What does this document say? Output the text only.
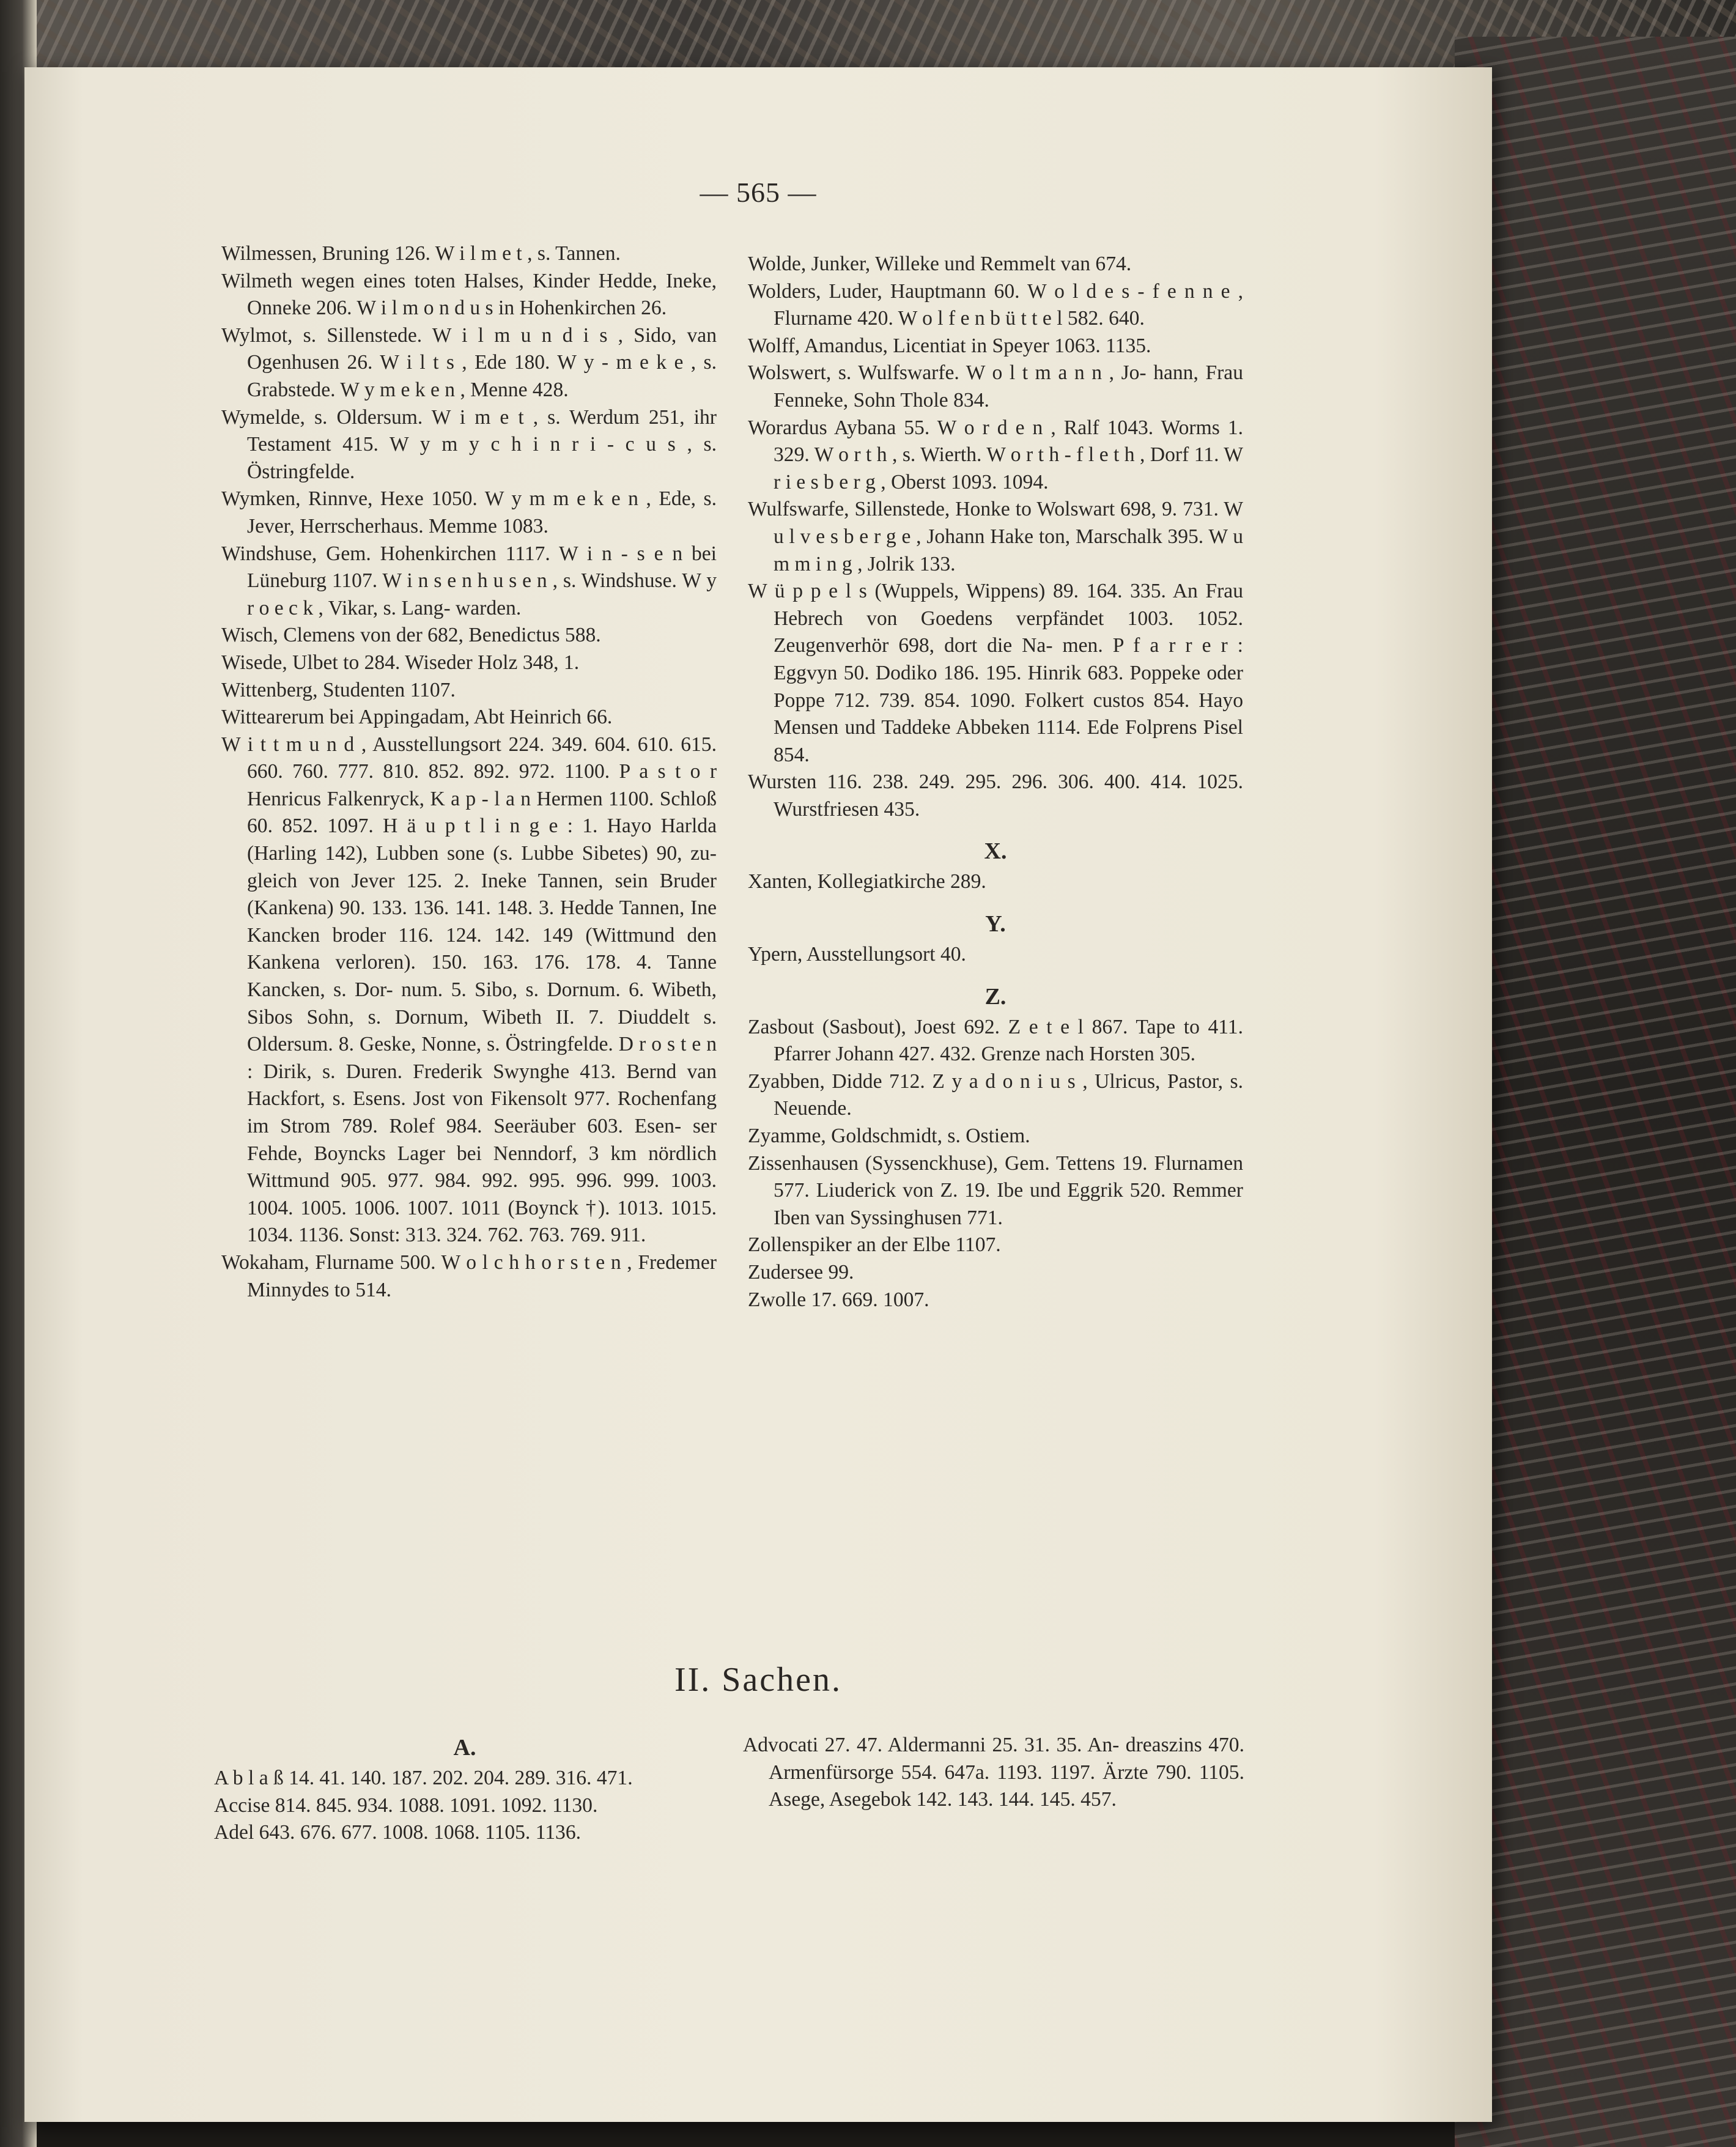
— 565 —

Wilmessen, Bruning 126. W i l m e t , s. Tannen.

Wilmeth wegen eines toten Halses, Kinder Hedde, Ineke, Onneke 206. W i l m o n d u s in Hohenkirchen 26.

Wylmot, s. Sillenstede. W i l m u n d i s , Sido, van Ogenhusen 26. W i l t s , Ede 180. W y - m e k e , s. Grabstede. W y m e k e n , Menne 428.

Wymelde, s. Oldersum. W i m e t , s. Werdum 251, ihr Testament 415. W y m y c h i n r i - c u s , s. Östringfelde.

Wymken, Rinnve, Hexe 1050. W y m m e k e n , Ede, s. Jever, Herrscherhaus. Memme 1083.

Windshuse, Gem. Hohenkirchen 1117. W i n - s e n bei Lüneburg 1107. W i n s e n h u s e n , s. Windshuse. W y r o e c k , Vikar, s. Lang- warden.

Wisch, Clemens von der 682, Benedictus 588.

Wisede, Ulbet to 284. Wiseder Holz 348, 1.

Wittenberg, Studenten 1107.

Wittearerum bei Appingadam, Abt Heinrich 66.

W i t t m u n d , Ausstellungsort 224. 349. 604. 610. 615. 660. 760. 777. 810. 852. 892. 972. 1100. P a s t o r Henricus Falkenryck, K a p - l a n Hermen 1100. Schloß 60. 852. 1097. H ä u p t l i n g e : 1. Hayo Harlda (Harling 142), Lubben sone (s. Lubbe Sibetes) 90, zu- gleich von Jever 125. 2. Ineke Tannen, sein Bruder (Kankena) 90. 133. 136. 141. 148. 3. Hedde Tannen, Ine Kancken broder 116. 124. 142. 149 (Wittmund den Kankena verloren). 150. 163. 176. 178. 4. Tanne Kancken, s. Dor- num. 5. Sibo, s. Dornum. 6. Wibeth, Sibos Sohn, s. Dornum, Wibeth II. 7. Diuddelt s. Oldersum. 8. Geske, Nonne, s. Östringfelde. D r o s t e n : Dirik, s. Duren. Frederik Swynghe 413. Bernd van Hackfort, s. Esens. Jost von Fikensolt 977. Rochenfang im Strom 789. Rolef 984. Seeräuber 603. Esen- ser Fehde, Boyncks Lager bei Nenndorf, 3 km nördlich Wittmund 905. 977. 984. 992. 995. 996. 999. 1003. 1004. 1005. 1006. 1007. 1011 (Boynck †). 1013. 1015. 1034. 1136. Sonst: 313. 324. 762. 763. 769. 911.

Wokaham, Flurname 500. W o l c h h o r s t e n , Fredemer Minnydes to 514.

Wolde, Junker, Willeke und Remmelt van 674.

Wolders, Luder, Hauptmann 60. W o l d e s - f e n n e , Flurname 420. W o l f e n b ü t t e l 582. 640.

Wolff, Amandus, Licentiat in Speyer 1063. 1135.

Wolswert, s. Wulfswarfe. W o l t m a n n , Jo- hann, Frau Fenneke, Sohn Thole 834.

Worardus Aybana 55. W o r d e n , Ralf 1043. Worms 1. 329. W o r t h , s. Wierth. W o r t h - f l e t h , Dorf 11. W r i e s b e r g , Oberst 1093. 1094.

Wulfswarfe, Sillenstede, Honke to Wolswart 698, 9. 731. W u l v e s b e r g e , Johann Hake ton, Marschalk 395. W u m m i n g , Jolrik 133.

W ü p p e l s (Wuppels, Wippens) 89. 164. 335. An Frau Hebrech von Goedens verpfändet 1003. 1052. Zeugenverhör 698, dort die Na- men. P f a r r e r : Eggvyn 50. Dodiko 186. 195. Hinrik 683. Poppeke oder Poppe 712. 739. 854. 1090. Folkert custos 854. Hayo Mensen und Taddeke Abbeken 1114. Ede Folprens Pisel 854.

Wursten 116. 238. 249. 295. 296. 306. 400. 414. 1025. Wurstfriesen 435.

X.

Xanten, Kollegiatkirche 289.

Y.

Ypern, Ausstellungsort 40.

Z.

Zasbout (Sasbout), Joest 692. Z e t e l 867. Tape to 411. Pfarrer Johann 427. 432. Grenze nach Horsten 305.

Zyabben, Didde 712. Z y a d o n i u s , Ulricus, Pastor, s. Neuende.

Zyamme, Goldschmidt, s. Ostiem.

Zissenhausen (Syssenckhuse), Gem. Tettens 19. Flurnamen 577. Liuderick von Z. 19. Ibe und Eggrik 520. Remmer Iben van Syssinghusen 771.

Zollenspiker an der Elbe 1107.

Zudersee 99.

Zwolle 17. 669. 1007.

II. Sachen.
A.

A b l a ß 14. 41. 140. 187. 202. 204. 289. 316. 471.

Accise 814. 845. 934. 1088. 1091. 1092. 1130.

Adel 643. 676. 677. 1008. 1068. 1105. 1136.

Advocati 27. 47. Aldermanni 25. 31. 35. An- dreaszins 470. Armenfürsorge 554. 647a. 1193. 1197. Ärzte 790. 1105. Asege, Asegebok 142. 143. 144. 145. 457.
